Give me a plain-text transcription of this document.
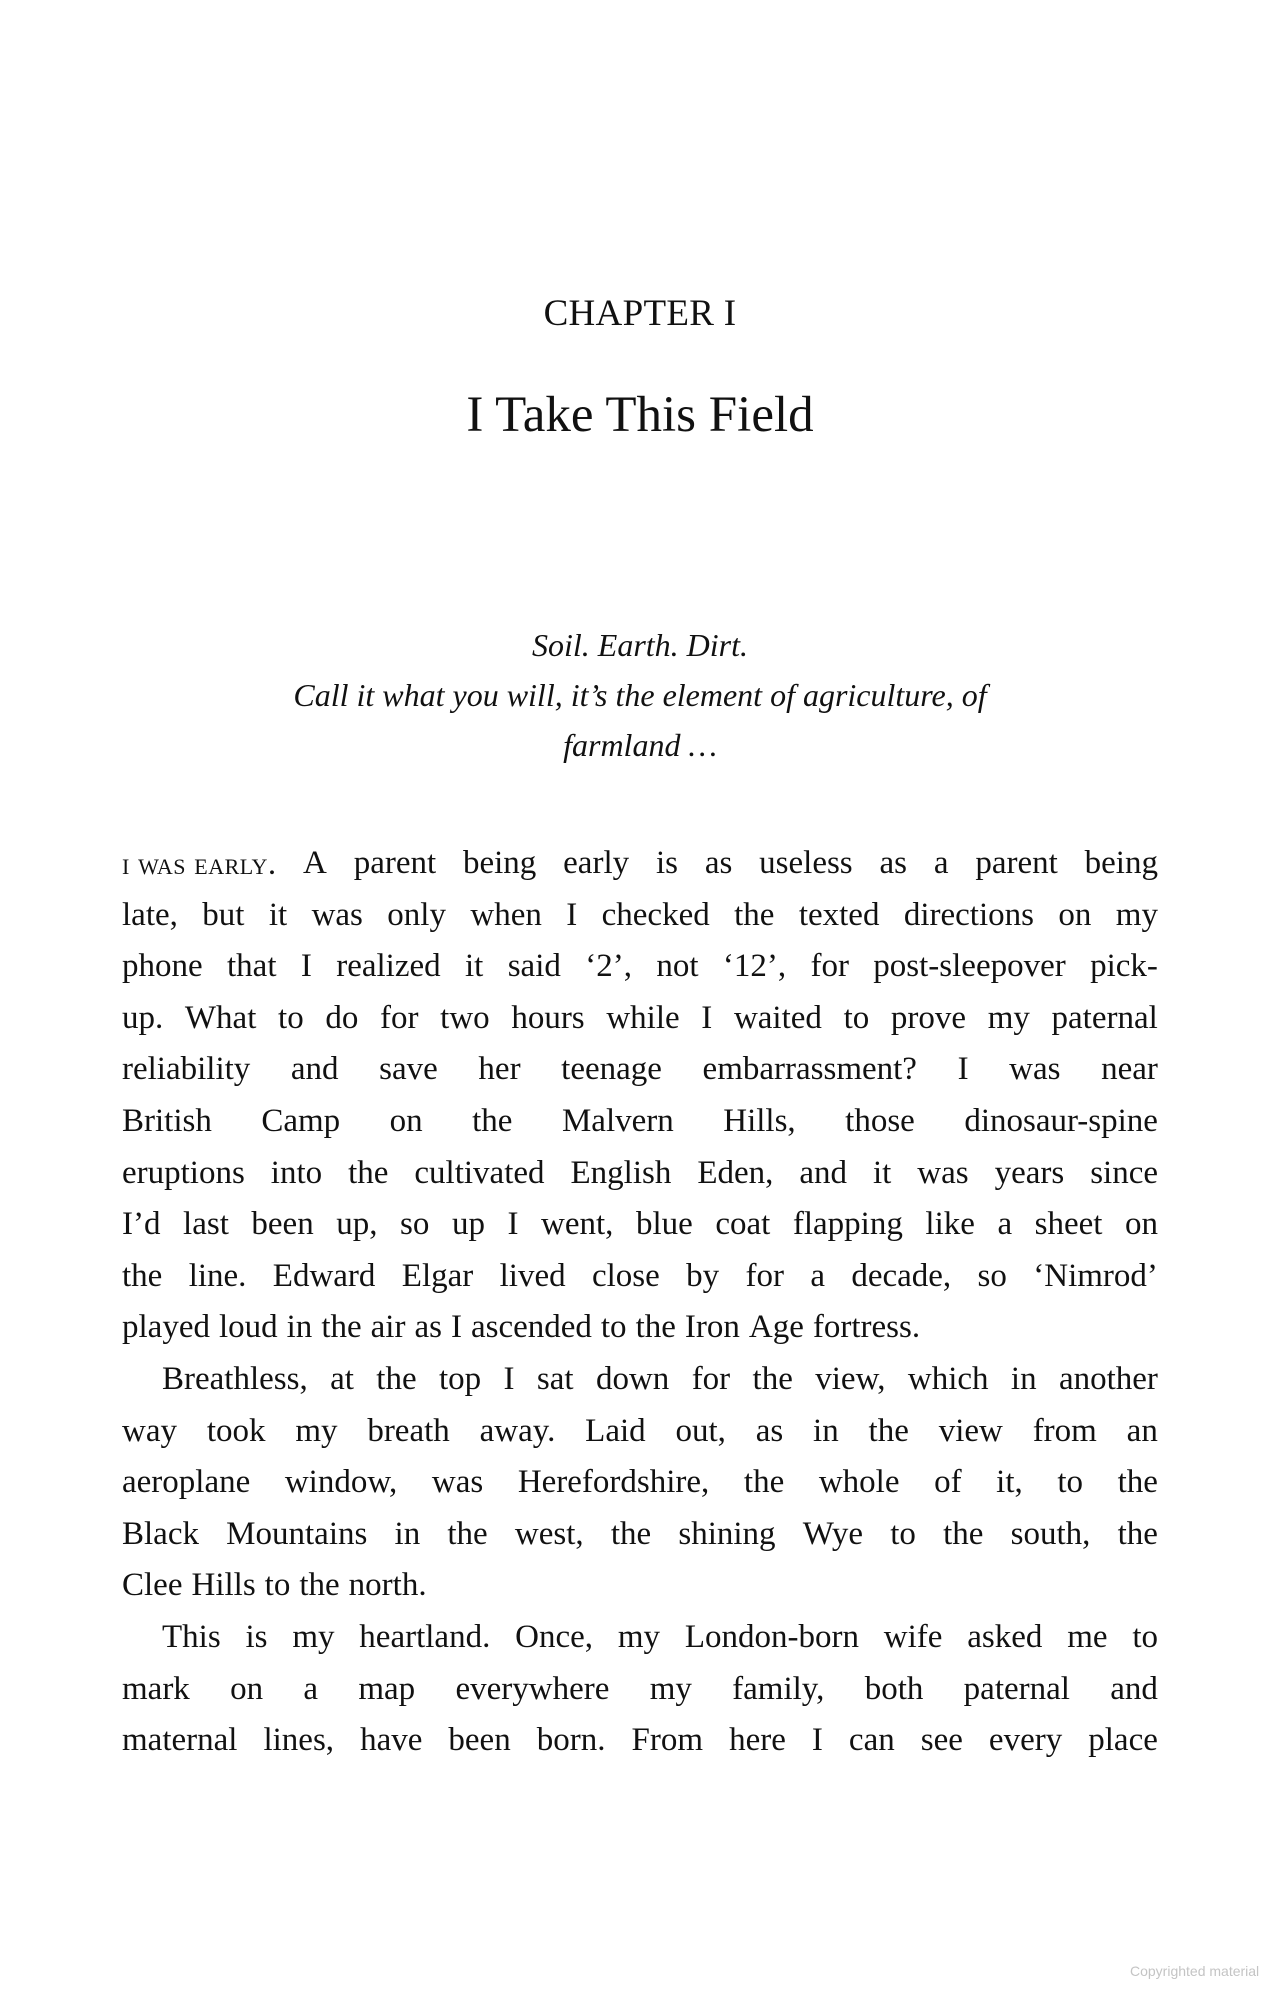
CHAPTER I
I Take This Field
Soil. Earth. Dirt.
Call it what you will, it’s the element of agriculture, of
farmland …
i was early. A parent being early is as useless as a parent being
late, but it was only when I checked the texted directions on my
phone that I realized it said ‘2’, not ‘12’, for post-sleepover pick-
up. What to do for two hours while I waited to prove my paternal
reliability and save her teenage embarrassment? I was near
British Camp on the Malvern Hills, those dinosaur-spine
eruptions into the cultivated English Eden, and it was years since
I’d last been up, so up I went, blue coat flapping like a sheet on
the line. Edward Elgar lived close by for a decade, so ‘Nimrod’
played loud in the air as I ascended to the Iron Age fortress.
Breathless, at the top I sat down for the view, which in another
way took my breath away. Laid out, as in the view from an
aeroplane window, was Herefordshire, the whole of it, to the
Black Mountains in the west, the shining Wye to the south, the
Clee Hills to the north.
This is my heartland. Once, my London-born wife asked me to
mark on a map everywhere my family, both paternal and
maternal lines, have been born. From here I can see every place
Copyrighted material
